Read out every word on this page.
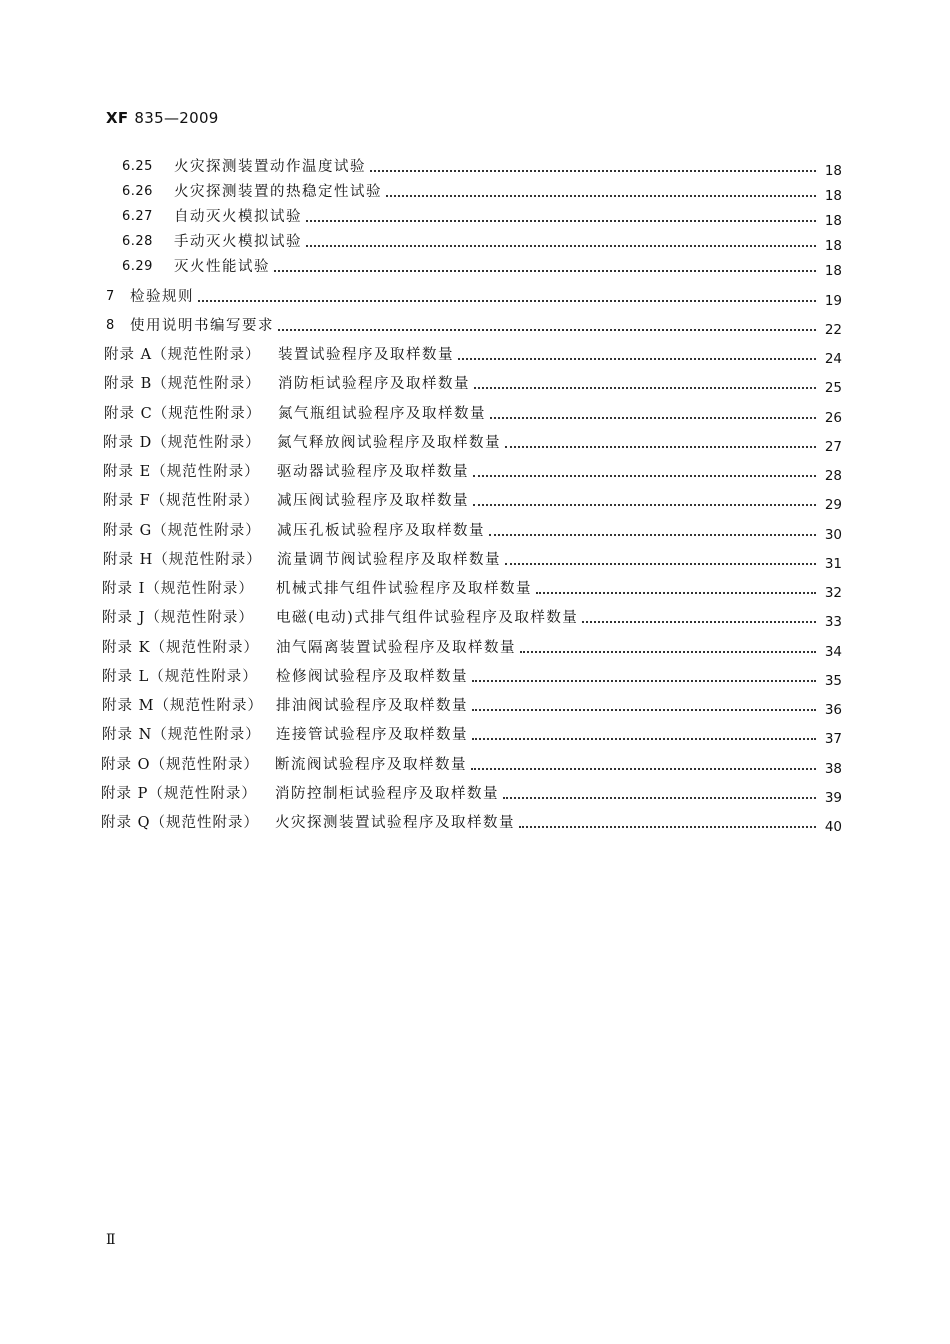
XF 835—2009
6.25	火灾探测装置动作温度试验	18
6.26	火灾探测装置的热稳定性试验	18
6.27	自动灭火模拟试验	18
6.28	手动灭火模拟试验	18
6.29	灭火性能试验	18
7	检验规则	19
8	使用说明书编写要求	22
附录 A（规范性附录）	装置试验程序及取样数量	24
附录 B（规范性附录）	消防柜试验程序及取样数量	25
附录 C（规范性附录）	氮气瓶组试验程序及取样数量	26
附录 D（规范性附录）	氮气释放阀试验程序及取样数量	27
附录 E（规范性附录）	驱动器试验程序及取样数量	28
附录 F（规范性附录）	减压阀试验程序及取样数量	29
附录 G（规范性附录）	减压孔板试验程序及取样数量	30
附录 H（规范性附录）	流量调节阀试验程序及取样数量	31
附录 I（规范性附录）	机械式排气组件试验程序及取样数量	32
附录 J（规范性附录）	电磁(电动)式排气组件试验程序及取样数量	33
附录 K（规范性附录）	油气隔离装置试验程序及取样数量	34
附录 L（规范性附录）	检修阀试验程序及取样数量	35
附录 M（规范性附录） 排油阀试验程序及取样数量	36
附录 N（规范性附录）	连接管试验程序及取样数量	37
附录 O（规范性附录）	断流阀试验程序及取样数量	38
附录 P（规范性附录）	消防控制柜试验程序及取样数量	39
附录 Q（规范性附录）	火灾探测装置试验程序及取样数量	40
Ⅱ
